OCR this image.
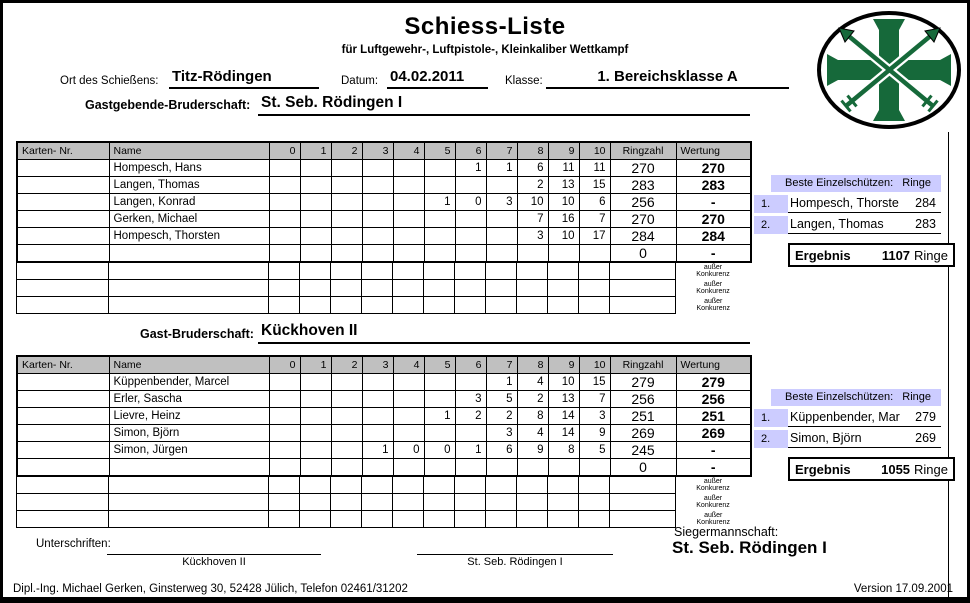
Schiess-Liste
für Luftgewehr-, Luftpistole-, Kleinkaliber Wettkampf
Ort des Schießens: Titz-Rödingen	Datum: 04.02.2011	Klasse:	1. Bereichsklasse A
Gastgebende-Bruderschaft: St. Seb. Rödingen I
Karten- Nr.	Name	0	1	2	3	4	5	6	7	8	9	10	Ringzahl	Wertung
	Hompesch, Hans							1	1	6	11	11	270	270
	Langen, Thomas									2	13	15	283	283
	Langen, Konrad						1	0	3	10	10	6	256	-
	Gerken, Michael									7	16	7	270	270
	Hompesch, Thorsten									3	10	17	284	284
													0	-

														außer
Konkurenz

														außer
Konkurenz

														außer
Konkurenz
Gast-Bruderschaft: Kückhoven II
Karten- Nr.	Name	0	1	2	3	4	5	6	7	8	9	10	Ringzahl	Wertung
	Küppenbender, Marcel								1	4	10	15	279	279
	Erler, Sascha							3	5	2	13	7	256	256
	Lievre, Heinz						1	2	2	8	14	3	251	251
	Simon, Björn								3	4	14	9	269	269
	Simon, Jürgen				1	0	0	1	6	9	8	5	245	-
													0	-

														außer
Konkurenz

														außer
Konkurenz

														außer
Konkurenz
Beste Einzelschützen: Ringe
1.	Hompesch, Thorste 284
2.	Langen, Thomas	283
Ergebnis 1107 Ringe
Beste Einzelschützen: Ringe
1.	Küppenbender, Mar 279
2.	Simon, Björn	269
Ergebnis 1055 Ringe
Siegermannschaft:
St. Seb. Rödingen I
Unterschriften:
Kückhoven II	St. Seb. Rödingen I
Dipl.-Ing. Michael Gerken, Ginsterweg 30, 52428 Jülich, Telefon 02461/31202	Version 17.09.2001
